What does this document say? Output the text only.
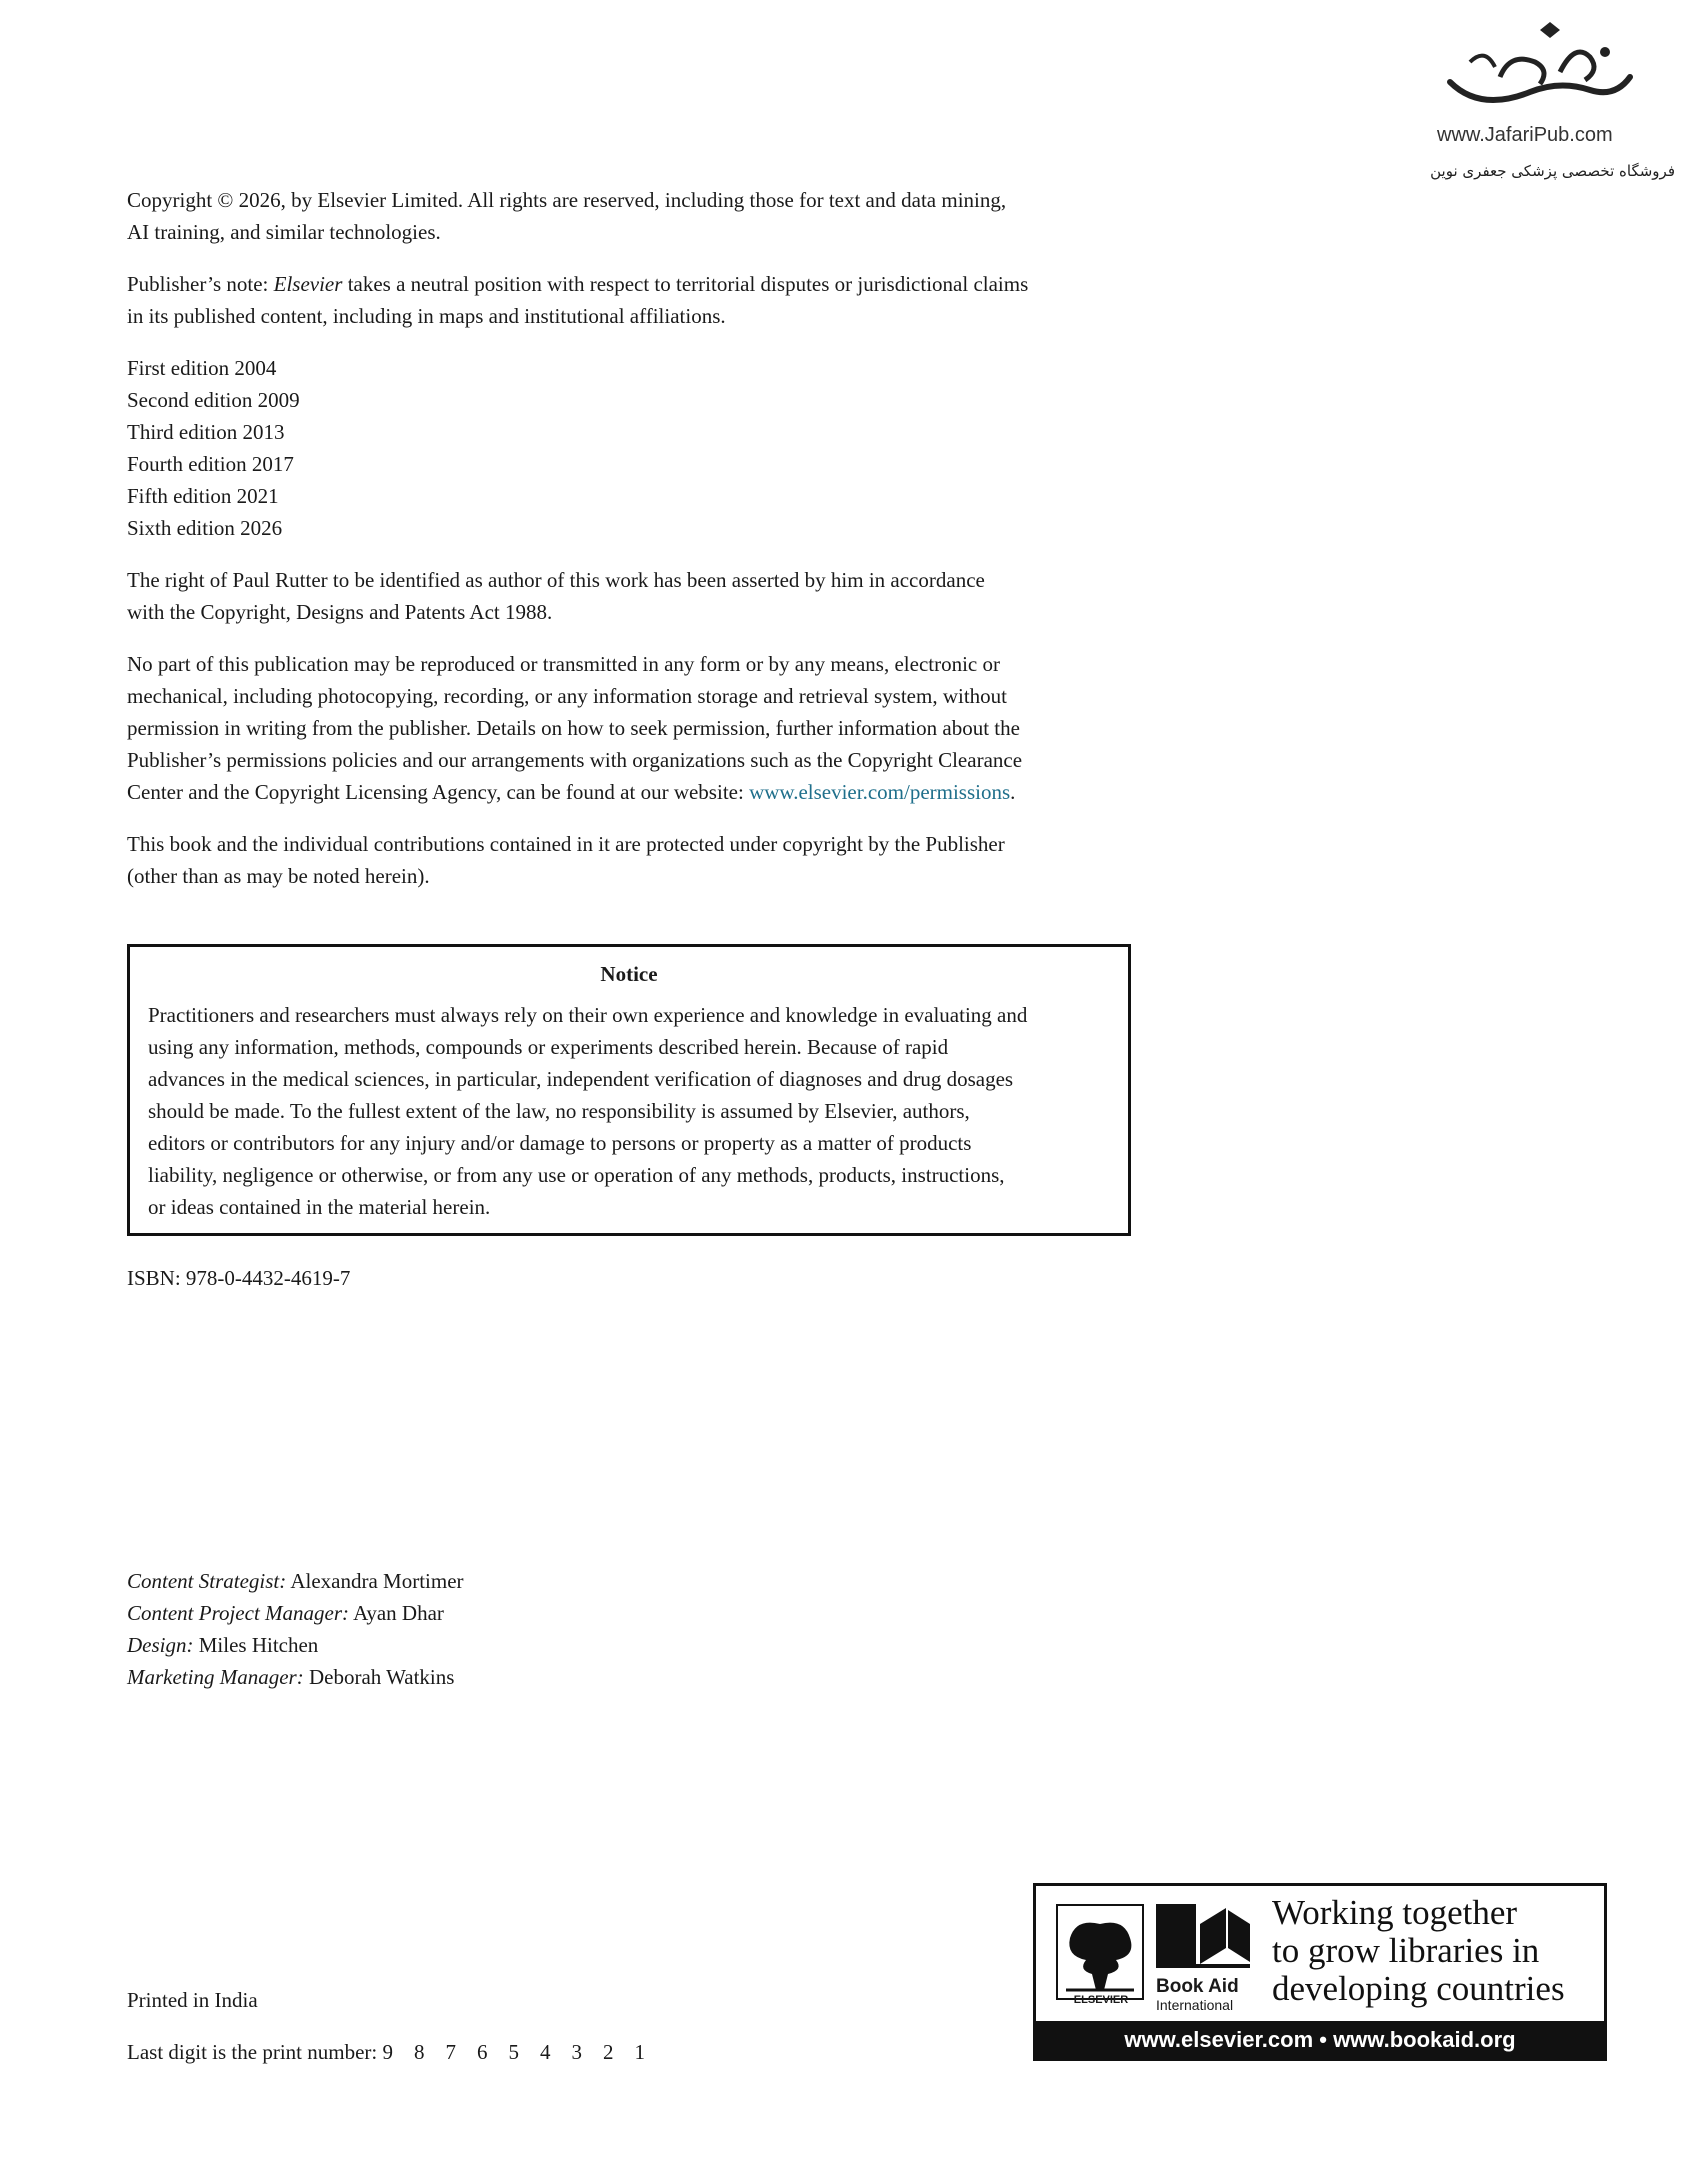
www.JafariPub.com
فروشگاه تخصصی پزشکی جعفری نوین
Copyright © 2026, by Elsevier Limited. All rights are reserved, including those for text and data mining,
AI training, and similar technologies.
Publisher’s note: Elsevier takes a neutral position with respect to territorial disputes or jurisdictional claims
in its published content, including in maps and institutional affiliations.
First edition 2004
Second edition 2009
Third edition 2013
Fourth edition 2017
Fifth edition 2021
Sixth edition 2026
The right of Paul Rutter to be identified as author of this work has been asserted by him in accordance
with the Copyright, Designs and Patents Act 1988.
No part of this publication may be reproduced or transmitted in any form or by any means, electronic or
mechanical, including photocopying, recording, or any information storage and retrieval system, without
permission in writing from the publisher. Details on how to seek permission, further information about the
Publisher’s permissions policies and our arrangements with organizations such as the Copyright Clearance
Center and the Copyright Licensing Agency, can be found at our website: www.elsevier.com/permissions.
This book and the individual contributions contained in it are protected under copyright by the Publisher
(other than as may be noted herein).
Notice
Practitioners and researchers must always rely on their own experience and knowledge in evaluating and
using any information, methods, compounds or experiments described herein. Because of rapid
advances in the medical sciences, in particular, independent verification of diagnoses and drug dosages
should be made. To the fullest extent of the law, no responsibility is assumed by Elsevier, authors,
editors or contributors for any injury and/or damage to persons or property as a matter of products
liability, negligence or otherwise, or from any use or operation of any methods, products, instructions,
or ideas contained in the material herein.
ISBN: 978-0-4432-4619-7
Content Strategist: Alexandra Mortimer
Content Project Manager: Ayan Dhar
Design: Miles Hitchen
Marketing Manager: Deborah Watkins
Printed in India
Last digit is the print number: 9    8    7    6    5    4    3    2    1
ELSEVIER
Book Aid
International
Working together
to grow libraries in
developing countries
www.elsevier.com • www.bookaid.org
